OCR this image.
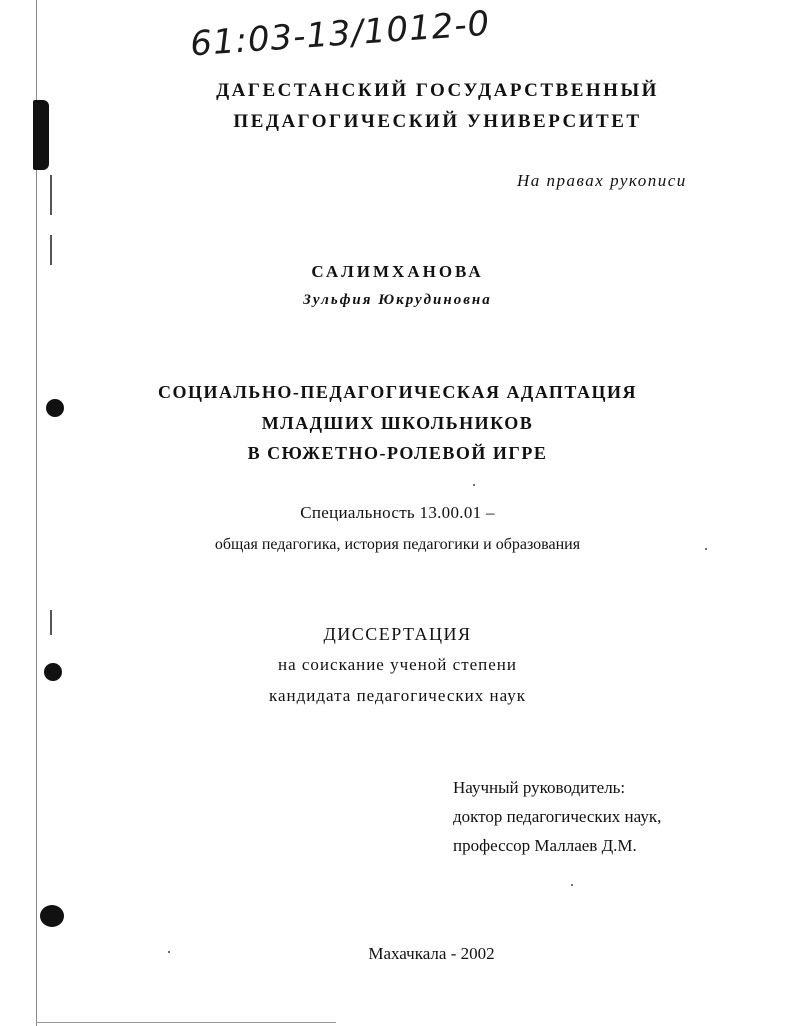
61:03-13/1012-0
ДАГЕСТАНСКИЙ ГОСУДАРСТВЕННЫЙ
ПЕДАГОГИЧЕСКИЙ УНИВЕРСИТЕТ
На правах рукописи
САЛИМХАНОВА
Зульфия Юкрудиновна
СОЦИАЛЬНО-ПЕДАГОГИЧЕСКАЯ АДАПТАЦИЯ
МЛАДШИХ ШКОЛЬНИКОВ
В СЮЖЕТНО-РОЛЕВОЙ ИГРЕ
Специальность 13.00.01 –
общая педагогика, история педагогики и образования
ДИССЕРТАЦИЯ
на соискание ученой степени
кандидата педагогических наук
Научный руководитель:
доктор педагогических наук,
профессор Маллаев Д.М.
Махачкала - 2002
